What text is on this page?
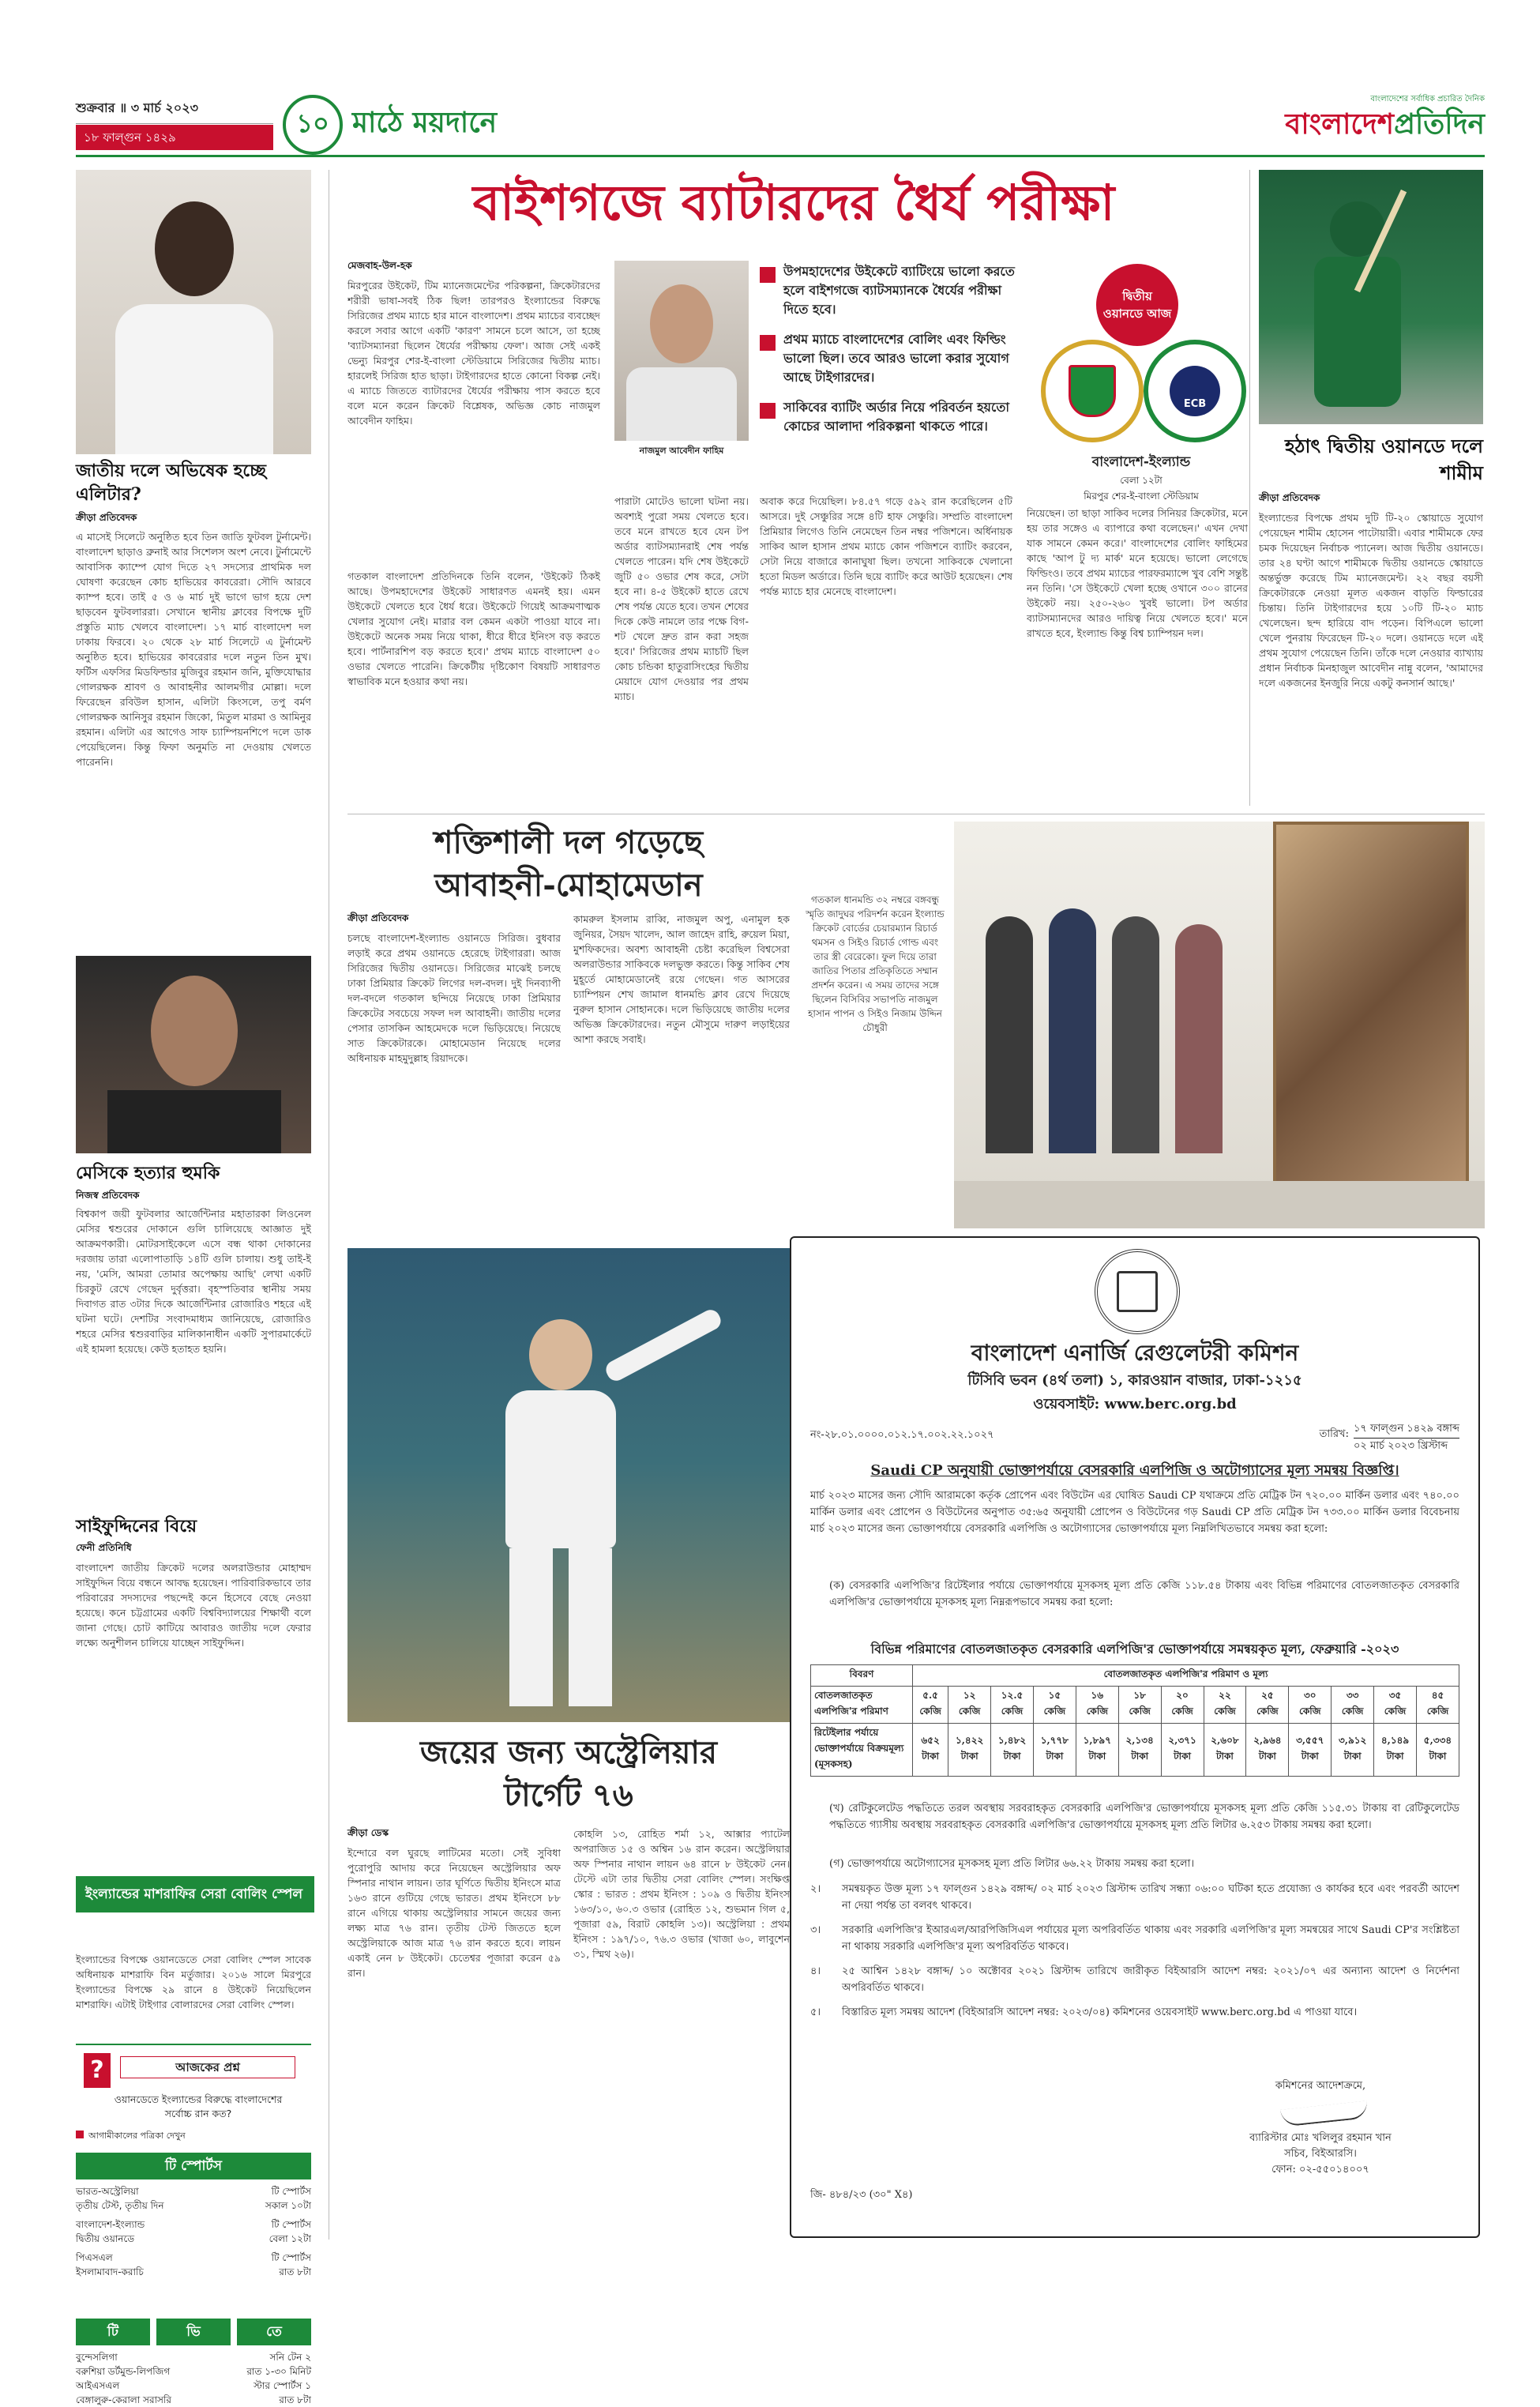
শুক্রবার ॥ ৩ মার্চ ২০২৩
১৮ ফাল্গুন ১৪২৯	১০ মাঠে ময়দানে
বাংলাদেশের সর্বাধিক প্রচারিত দৈনিক
বাংলাদেশপ্রতিদিন
জাতীয় দলে অভিষেক হচ্ছে এলিটার?
ক্রীড়া প্রতিবেদক
এ মাসেই সিলেটে অনুষ্ঠিত হবে তিন জাতি ফুটবল টুর্নামেন্ট। বাংলাদেশ ছাড়াও ব্রুনাই আর সিশেলস অংশ নেবে। টুর্নামেন্টে আবাসিক ক্যাম্পে যোগ দিতে ২৭ সদস্যের প্রাথমিক দল ঘোষণা করেছেন কোচ হাভিয়ের কাবরেরা। সৌদি আরবে ক্যাম্প হবে। তাই ৫ ও ৬ মার্চ দুই ভাগে ভাগ হয়ে দেশ ছাড়বেন ফুটবলাররা। সেখানে স্থানীয় ক্লাবের বিপক্ষে দুটি প্রস্তুতি ম্যাচ খেলবে বাংলাদেশ। ১৭ মার্চ বাংলাদেশ দল ঢাকায় ফিরবে। ২০ থেকে ২৮ মার্চ সিলেটে এ টুর্নামেন্ট অনুষ্ঠিত হবে। হাভিয়ের কাবরেরার দলে নতুন তিন মুখ। ফর্টিস এফসির মিডফিল্ডার মুজিবুর রহমান জনি, মুক্তিযোদ্ধার গোলরক্ষক শ্রাবণ ও আবাহনীর আলমগীর মোল্লা। দলে ফিরেছেন রবিউল হাসান, এলিটা কিংসলে, তপু বর্মণ গোলরক্ষক আনিসুর রহমান জিকো, মিতুল মারমা ও আমিনুর রহমান। এলিটা এর আগেও সাফ চ্যাম্পিয়নশিপে দলে ডাক পেয়েছিলেন। কিন্তু ফিফা অনুমতি না দেওয়ায় খেলতে পারেননি।
মেসিকে হত্যার হুমকি
নিজস্ব প্রতিবেদক
বিশ্বকাপ জয়ী ফুটবলার আর্জেন্টিনার মহাতারকা লিওনেল মেসির শ্বশুরের দোকানে গুলি চালিয়েছে আজ্ঞাত দুই আক্রমণকারী। মোটরসাইকেলে এসে বন্ধ থাকা দোকানের দরজায় তারা এলোপাতাড়ি ১৪টি গুলি চালায়। শুধু তাই-ই নয়, 'মেসি, আমরা তোমার অপেক্ষায় আছি' লেখা একটি চিরকুট রেখে গেছেন দুর্বৃত্তরা। বৃহস্পতিবার স্থানীয় সময় দিবাগত রাত ৩টার দিকে আর্জেন্টিনার রোজারিও শহরে এই ঘটনা ঘটে। দেশটির সংবাদমাধ্যম জানিয়েছে, রোজারিও শহরে মেসির শ্বশুরবাড়ির মালিকানাধীন একটি সুপারমার্কেটে এই হামলা হয়েছে। কেউ হতাহত হয়নি।
সাইফুদ্দিনের বিয়ে
ফেনী প্রতিনিধি
বাংলাদেশ জাতীয় ক্রিকেট দলের অলরাউন্ডার মোহাম্মদ সাইফুদ্দিন বিয়ে বন্ধনে আবদ্ধ হয়েছেন। পারিবারিকভাবে তার পরিবারের সদস্যদের পছন্দেই কনে হিসেবে বেছে নেওয়া হয়েছে। কনে চট্টগ্রামের একটি বিশ্ববিদ্যালয়ের শিক্ষার্থী বলে জানা গেছে। চোট কাটিয়ে আবারও জাতীয় দলে ফেরার লক্ষ্যে অনুশীলন চালিয়ে যাচ্ছেন সাইফুদ্দিন।
ইংল্যান্ডের মাশরাফির সেরা বোলিং স্পেল
ইংল্যান্ডের বিপক্ষে ওয়ানডেতে সেরা বোলিং স্পেল সাবেক অধিনায়ক মাশরাফি বিন মর্তুজার। ২০১৬ সালে মিরপুরে ইংল্যান্ডের বিপক্ষে ২৯ রানে ৪ উইকেট নিয়েছিলেন মাশরাফি। এটাই টাইগার বোলারদের সেরা বোলিং স্পেল।
?	আজকের প্রশ্ন
ওয়ানডেতে ইংল্যান্ডের বিরুদ্ধে বাংলাদেশের সর্বোচ্চ রান কত?
আগামীকালের পত্রিকা দেখুন
টি স্পোর্টস
ভারত-অস্ট্রেলিয়া	টি স্পোর্টস
তৃতীয় টেস্ট, তৃতীয় দিন	সকাল ১০টা
বাংলাদেশ-ইংল্যান্ড	টি স্পোর্টস
দ্বিতীয় ওয়ানডে	বেলা ১২টা
পিএসএল	টি স্পোর্টস
ইসলামাবাদ-করাচি	রাত ৮টা
টি	ভি	তে
বুন্দেসলিগা	সনি টেন ২
বরুশিয়া ডর্টমুন্ড-লিপজিগ	রাত ১-৩০ মিনিট
আইএসএল	স্টার স্পোর্টস ১
বেঙ্গালুরু-কেরালা সরাসরি	রাত ৮টা
বাইশগজে ব্যাটারদের ধৈর্য পরীক্ষা
মেজবাহ-উল-হক
মিরপুরের উইকেট, টিম ম্যানেজমেন্টের পরিকল্পনা, ক্রিকেটারদের শরীরী ভাষা-সবই ঠিক ছিল! তারপরও ইংল্যান্ডের বিরুদ্ধে সিরিজের প্রথম ম্যাচে হার মানে বাংলাদেশ। প্রথম ম্যাচের ব্যবচ্ছেদ করলে সবার আগে একটি 'কারণ' সামনে চলে আসে, তা হচ্ছে 'ব্যাটসম্যানরা ছিলেন ধৈর্যের পরীক্ষায় ফেল'। আজ সেই একই ভেন্যু মিরপুর শের-ই-বাংলা স্টেডিয়ামে সিরিজের দ্বিতীয় ম্যাচ। হারলেই সিরিজ হাত ছাড়া। টাইগারদের হাতে কোনো বিকল্প নেই। এ ম্যাচে জিততে ব্যাটারদের ধৈর্যের পরীক্ষায় পাস করতে হবে বলে মনে করেন ক্রিকেট বিশ্লেষক, অভিজ্ঞ কোচ নাজমুল আবেদীন ফাহিম।
নাজমুল আবেদীন ফাহিম
উপমহাদেশের উইকেটে ব্যাটিংয়ে ভালো করতে হলে বাইশগজে ব্যাটসম্যানকে ধৈর্যের পরীক্ষা দিতে হবে।
প্রথম ম্যাচে বাংলাদেশের বোলিং এবং ফিল্ডিং ভালো ছিল। তবে আরও ভালো করার সুযোগ আছে টাইগারদের।
সাকিবের ব্যাটিং অর্ডার নিয়ে পরিবর্তন হয়তো কোচের আলাদা পরিকল্পনা থাকতে পারে।
দ্বিতীয় ওয়ানডে আজ
ECB
বাংলাদেশ-ইংল্যান্ড
বেলা ১২টা
মিরপুর শের-ই-বাংলা স্টেডিয়াম
গতকাল বাংলাদেশ প্রতিদিনকে তিনি বলেন, 'উইকেট ঠিকই আছে। উপমহাদেশের উইকেট সাধারণত এমনই হয়। এমন উইকেটে খেলতে হবে ধৈর্য ধরে। উইকেটে গিয়েই আক্রমণাত্মক খেলার সুযোগ নেই। মারার বল কেমন একটা পাওয়া যাবে না। উইকেটে অনেক সময় নিয়ে থাকা, ধীরে ধীরে ইনিংস বড় করতে হবে। পার্টনারশিপ বড় করতে হবে।' প্রথম ম্যাচে বাংলাদেশ ৫০ ওভার খেলতে পারেনি। ক্রিকেটীয় দৃষ্টিকোণ বিষয়টি সাধারণত স্বাভাবিক মনে হওয়ার কথা নয়।
পারাটা মোটেও ভালো ঘটনা নয়। অবশ্যই পুরো সময় খেলতে হবে। তবে মনে রাখতে হবে যেন টপ অর্ডার ব্যাটসম্যানরাই শেষ পর্যন্ত খেলতে পারেন। যদি শেষ উইকেটে জুটি ৫০ ওভার শেষ করে, সেটা হবে না। ৪-৫ উইকেট হাতে রেখে শেষ পর্যন্ত যেতে হবে। তখন শেষের দিকে কেউ নামলে তার পক্ষে বিগ-শট খেলে দ্রুত রান করা সহজ হবে।' সিরিজের প্রথম ম্যাচটি ছিল কোচ চন্ডিকা হাতুরাসিংহের দ্বিতীয় মেয়াদে যোগ দেওয়ার পর প্রথম ম্যাচ।
অবাক করে দিয়েছিল। ৮৪.৫৭ গড়ে ৫৯২ রান করেছিলেন ৫টি আসরে। দুই সেঞ্চুরির সঙ্গে ৪টি হাফ সেঞ্চুরি। সম্প্রতি বাংলাদেশ প্রিমিয়ার লিগেও তিনি নেমেছেন তিন নম্বর পজিশনে। অর্ধিনায়ক সাকিব আল হাসান প্রথম ম্যাচে কোন পজিশনে ব্যাটিং করবেন, সেটা নিয়ে বাজারে কানাঘুষা ছিল। তখনো সাকিবকে খেলানো হতো মিডল অর্ডারে। তিনি ছয়ে ব্যাটিং করে আউট হয়েছেন। শেষ পর্যন্ত ম্যাচে হার মেনেছে বাংলাদেশ।
নিয়েছেন। তা ছাড়া সাকিব দলের সিনিয়র ক্রিকেটার, মনে হয় তার সঙ্গেও এ ব্যাপারে কথা বলেছেন।' এখন দেখা যাক সামনে কেমন করে।' বাংলাদেশের বোলিং ফাহিমের কাছে 'আপ টু দ্য মার্ক' মনে হয়েছে। ভালো লেগেছে ফিল্ডিংও। তবে প্রথম ম্যাচের পারফরম্যান্সে খুব বেশি সন্তুষ্ট নন তিনি। 'সে উইকেটে খেলা হচ্ছে ওখানে ৩০০ রানের উইকেট নয়। ২৫০-২৬০ খুবই ভালো। টপ অর্ডার ব্যাটসম্যানদের আরও দায়িত্ব নিয়ে খেলতে হবে।' মনে রাখতে হবে, ইংল্যান্ড কিন্তু বিশ্ব চ্যাম্পিয়ন দল।
হঠাৎ দ্বিতীয় ওয়ানডে দলে শামীম
ক্রীড়া প্রতিবেদক
ইংল্যান্ডের বিপক্ষে প্রথম দুটি টি-২০ স্কোয়াডে সুযোগ পেয়েছেন শামীম হোসেন পাটোয়ারী। এবার শামীমকে ফের চমক দিয়েছেন নির্বাচক প্যানেল। আজ দ্বিতীয় ওয়ানডে। তার ২৪ ঘণ্টা আগে শামীমকে দ্বিতীয় ওয়ানডে স্কোয়াডে অন্তর্ভুক্ত করেছে টিম ম্যানেজমেন্ট। ২২ বছর বয়সী ক্রিকেটারকে নেওয়া মূলত একজন বাড়তি ফিল্ডারের চিন্তায়। তিনি টাইগারদের হয়ে ১০টি টি-২০ ম্যাচ খেলেছেন। ছন্দ হারিয়ে বাদ পড়েন। বিপিএলে ভালো খেলে পুনরায় ফিরেছেন টি-২০ দলে। ওয়ানডে দলে এই প্রথম সুযোগ পেয়েছেন তিনি। তাঁকে দলে নেওয়ার ব্যাখ্যায় প্রধান নির্বাচক মিনহাজুল আবেদীন নান্নু বলেন, 'আমাদের দলে একজনের ইনজুরি নিয়ে একটু কনসার্ন আছে।'
শক্তিশালী দল গড়েছে
আবাহনী-মোহামেডান
ক্রীড়া প্রতিবেদক
চলছে বাংলাদেশ-ইংল্যান্ড ওয়ানডে সিরিজ। বুধবার লড়াই করে প্রথম ওয়ানডে হেরেছে টাইগাররা। আজ সিরিজের দ্বিতীয় ওয়ানডে। সিরিজের মাঝেই চলছে ঢাকা প্রিমিয়ার ক্রিকেট লিগের দল-বদল। দুই দিনব্যাপী দল-বদলে গতকাল ছন্দিয়ে নিয়েছে ঢাকা প্রিমিয়ার ক্রিকেটের সবচেয়ে সফল দল আবাহনী। জাতীয় দলের পেসার তাসকিন আহমেদকে দলে ভিড়িয়েছে। নিয়েছে সাত ক্রিকেটারকে। মোহামেডান নিয়েছে দলের অধিনায়ক মাহমুদুল্লাহ রিয়াদকে।
কামরুল ইসলাম রাব্বি, নাজমুল অপু, এনামুল হক জুনিয়র, সৈয়দ খালেদ, আল জাহেদ রাহি, রুয়েল মিয়া, মুশফিকদের। অবশ্য আবাহনী চেষ্টা করেছিল বিশ্বসেরা অলরাউন্ডার সাকিবকে দলভুক্ত করতে। কিন্তু সাকিব শেষ মুহূর্তে মোহামেডানেই রয়ে গেছেন। গত আসরের চ্যাম্পিয়ন শেখ জামাল ধানমন্ডি ক্লাব রেখে দিয়েছে নুরুল হাসান সোহানকে। দলে ভিড়িয়েছে জাতীয় দলের অভিজ্ঞ ক্রিকেটারদের। নতুন মৌসুমে দারুণ লড়াইয়ের আশা করছে সবাই।
গতকাল ধানমন্ডি ৩২ নম্বরে বঙ্গবন্ধু স্মৃতি জাদুঘর পরিদর্শন করেন ইংল্যান্ড ক্রিকেট বোর্ডের চেয়ারম্যান রিচার্ড থমসন ও সিইও রিচার্ড গোল্ড এবং তার স্ত্রী বেরেকো। ফুল দিয়ে তারা জাতির পিতার প্রতিকৃতিতে সম্মান প্রদর্শন করেন। এ সময় তাদের সঙ্গে ছিলেন বিসিবির সভাপতি নাজমুল হাসান পাপন ও সিইও নিজাম উদ্দিন চৌধুরী
জয়ের জন্য অস্ট্রেলিয়ার
টার্গেট ৭৬
ক্রীড়া ডেস্ক
ইন্দোরে বল ঘুরছে লাটিমের মতো। সেই সুবিধা পুরোপুরি আদায় করে নিয়েছেন অস্ট্রেলিয়ার অফ স্পিনার নাথান লায়ন। তার ঘূর্ণিতে দ্বিতীয় ইনিংসে মাত্র ১৬৩ রানে গুটিয়ে গেছে ভারত। প্রথম ইনিংসে ৮৮ রানে এগিয়ে থাকায় অস্ট্রেলিয়ার সামনে জয়ের জন্য লক্ষ্য মাত্র ৭৬ রান। তৃতীয় টেস্ট জিততে হলে অস্ট্রেলিয়াকে আজ মাত্র ৭৬ রান করতে হবে। লায়ন একাই নেন ৮ উইকেট। চেতেশ্বর পূজারা করেন ৫৯ রান।
কোহলি ১৩, রোহিত শর্মা ১২, আক্সার প্যাটেল অপরাজিত ১৫ ও অশ্বিন ১৬ রান করেন। অস্ট্রেলিয়ার অফ স্পিনার নাথান লায়ন ৬৪ রানে ৮ উইকেট নেন। টেস্টে এটা তার দ্বিতীয় সেরা বোলিং স্পেল। সংক্ষিপ্ত স্কোর : ভারত : প্রথম ইনিংস : ১০৯ ও দ্বিতীয় ইনিংস ১৬৩/১০, ৬০.৩ ওভার (রোহিত ১২, শুভমান গিল ৫, পূজারা ৫৯, বিরাট কোহলি ১৩)। অস্ট্রেলিয়া : প্রথম ইনিংস : ১৯৭/১০, ৭৬.৩ ওভার (খাজা ৬০, লাবুশেন ৩১, স্মিথ ২৬)।
বাংলাদেশ এনার্জি রেগুলেটরী কমিশন
টিসিবি ভবন (৪র্থ তলা) ১, কারওয়ান বাজার, ঢাকা-১২১৫
ওয়েবসাইট: www.berc.org.bd
নং-২৮.০১.০০০০.০১২.১৭.০০২.২২.১০২৭	তারিখ: ১৭ ফাল্গুন ১৪২৯ বঙ্গাব্দ
০২ মার্চ ২০২৩ খ্রিস্টাব্দ
Saudi CP অনুযায়ী ভোক্তাপর্যায়ে বেসরকারি এলপিজি ও অটোগ্যাসের মূল্য সমন্বয় বিজ্ঞপ্তি।
মার্চ ২০২৩ মাসের জন্য সৌদি আরামকো কর্তৃক প্রোপেন এবং বিউটেন এর ঘোষিত Saudi CP যথাক্রমে প্রতি মেট্রিক টন ৭২০.০০ মার্কিন ডলার এবং ৭৪০.০০ মার্কিন ডলার এবং প্রোপেন ও বিউটেনের অনুপাত ৩৫:৬৫ অনুযায়ী প্রোপেন ও বিউটেনের গড় Saudi CP প্রতি মেট্রিক টন ৭৩৩.০০ মার্কিন ডলার বিবেচনায় মার্চ ২০২৩ মাসের জন্য ভোক্তাপর্যায়ে বেসরকারি এলপিজি ও অটোগ্যাসের ভোক্তাপর্যায়ে মূল্য নিম্নলিখিতভাবে সমন্বয় করা হলো:
(ক) বেসরকারি এলপিজি'র রিটেইলার পর্যায়ে ভোক্তাপর্যায়ে মূসকসহ মূল্য প্রতি কেজি ১১৮.৫৪ টাকায় এবং বিভিন্ন পরিমাণের বোতলজাতকৃত বেসরকারি এলপিজি'র ভোক্তাপর্যায়ে মূসকসহ মূল্য নিম্নরূপভাবে সমন্বয় করা হলো:
বিভিন্ন পরিমাণের বোতলজাতকৃত বেসরকারি এলপিজি'র ভোক্তাপর্যায়ে সমন্বয়কৃত মূল্য, ফেব্রুয়ারি -২০২৩
বিবরণ	বোতলজাতকৃত এলপিজি'র পরিমাণ ও মূল্য												
বোতলজাতকৃত এলপিজি'র পরিমাণ	৫.৫ কেজি	১২ কেজি	১২.৫ কেজি	১৫ কেজি	১৬ কেজি	১৮ কেজি	২০ কেজি	২২ কেজি	২৫ কেজি	৩০ কেজি	৩৩ কেজি	৩৫ কেজি	৪৫ কেজি
রিটেইলার পর্যায়ে ভোক্তাপর্যায়ে বিক্রয়মূল্য (মূসকসহ)	৬৫২ টাকা	১,৪২২ টাকা	১,৪৮২ টাকা	১,৭৭৮ টাকা	১,৮৯৭ টাকা	২,১৩৪ টাকা	২,৩৭১ টাকা	২,৬০৮ টাকা	২,৯৬৪ টাকা	৩,৫৫৭ টাকা	৩,৯১২ টাকা	৪,১৪৯ টাকা	৫,৩৩৪ টাকা
(খ) রেটিকুলেটেড পদ্ধতিতে তরল অবস্থায় সরবরাহকৃত বেসরকারি এলপিজি'র ভোক্তাপর্যায়ে মূসকসহ মূল্য প্রতি কেজি ১১৫.৩১ টাকায় বা রেটিকুলেটেড পদ্ধতিতে গ্যাসীয় অবস্থায় সরবরাহকৃত বেসরকারি এলপিজি'র ভোক্তাপর্যায়ে মূসকসহ মূল্য প্রতি লিটার ৬.২৫৩ টাকায় সমন্বয় করা হলো।
(গ) ভোক্তাপর্যায়ে অটোগ্যাসের মূসকসহ মূল্য প্রতি লিটার ৬৬.২২ টাকায় সমন্বয় করা হলো।
২।	সমন্বয়কৃত উক্ত মূল্য ১৭ ফাল্গুন ১৪২৯ বঙ্গাব্দ/ ০২ মার্চ ২০২৩ খ্রিস্টাব্দ তারিখ সন্ধ্যা ০৬:০০ ঘটিকা হতে প্রযোজ্য ও কার্যকর হবে এবং পরবর্তী আদেশ না দেয়া পর্যন্ত তা বলবৎ থাকবে।
৩।	সরকারি এলপিজি'র ইআরএল/আরপিজিসিএল পর্যায়ের মূল্য অপরিবর্তিত থাকায় এবং সরকারি এলপিজি'র মূল্য সমন্বয়ের সাথে Saudi CP'র সংশ্লিষ্টতা না থাকায় সরকারি এলপিজি'র মূল্য অপরিবর্তিত থাকবে।
৪।	২৫ আশ্বিন ১৪২৮ বঙ্গাব্দ/ ১০ অক্টোবর ২০২১ খ্রিস্টাব্দ তারিখে জারীকৃত বিইআরসি আদেশ নম্বর: ২০২১/০৭ এর অন্যান্য আদেশ ও নির্দেশনা অপরিবর্তিত থাকবে।
৫।	বিস্তারিত মূল্য সমন্বয় আদেশ (বিইআরসি আদেশ নম্বর: ২০২৩/০৪) কমিশনের ওয়েবসাইট www.berc.org.bd এ পাওয়া যাবে।
কমিশনের আদেশক্রমে,
ব্যারিস্টার মোঃ খলিলুর রহমান খান
সচিব, বিইআরসি।
ফোন: ০২-৫৫০১৪০০৭
জি- ৪৮৪/২৩ (৩০" X৪)
